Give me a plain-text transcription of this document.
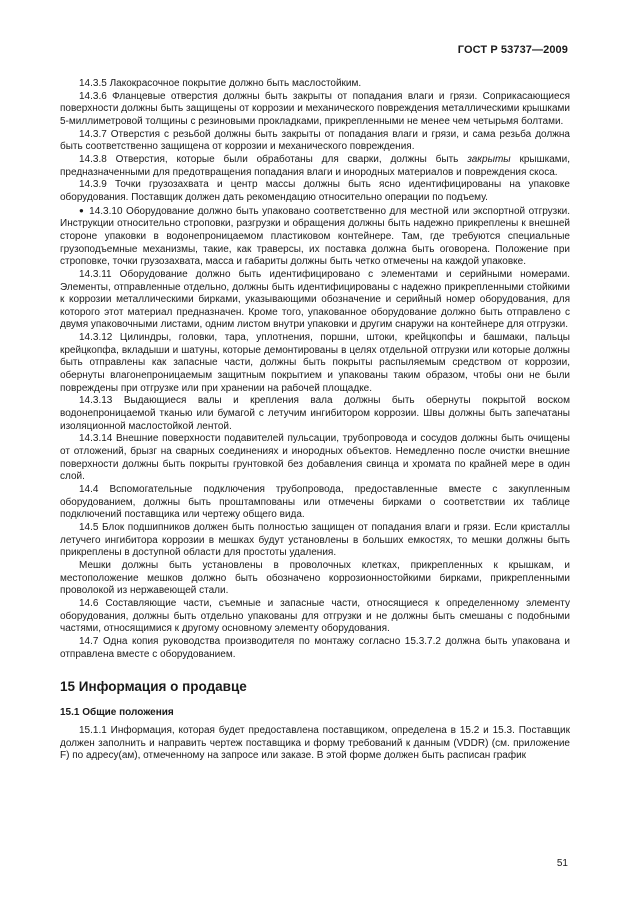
ГОСТ Р 53737—2009

14.3.5 Лакокрасочное покрытие должно быть маслостойким.

14.3.6 Фланцевые отверстия должны быть закрыты от попадания влаги и грязи. Соприкасающиеся поверхности должны быть защищены от коррозии и механического повреждения металлическими крышками 5-миллиметровой толщины с резиновыми прокладками, прикрепленными не менее чем четырьмя болтами.

14.3.7 Отверстия с резьбой должны быть закрыты от попадания влаги и грязи, и сама резьба должна быть соответственно защищена от коррозии и механического повреждения.

14.3.8 Отверстия, которые были обработаны для сварки, должны быть закрыты крышками, предназначенными для предотвращения попадания влаги и инородных материалов и повреждения скоса.

14.3.9 Точки грузозахвата и центр массы должны быть ясно идентифицированы на упаковке оборудования. Поставщик должен дать рекомендацию относительно операции по подъему.

● 14.3.10 Оборудование должно быть упаковано соответственно для местной или экспортной отгрузки. Инструкции относительно строповки, разгрузки и обращения должны быть надежно прикреплены к внешней стороне упаковки в водонепроницаемом пластиковом контейнере. Там, где требуются специальные грузоподъемные механизмы, такие, как траверсы, их поставка должна быть оговорена. Положение при строповке, точки грузозахвата, масса и габариты должны быть четко отмечены на каждой упаковке.

14.3.11 Оборудование должно быть идентифицировано с элементами и серийными номерами. Элементы, отправленные отдельно, должны быть идентифицированы с надежно прикрепленными стойкими к коррозии металлическими бирками, указывающими обозначение и серийный номер оборудования, для которого этот материал предназначен. Кроме того, упакованное оборудование должно быть отправлено с двумя упаковочными листами, одним листом внутри упаковки и другим снаружи на контейнере для отгрузки.

14.3.12 Цилиндры, головки, тара, уплотнения, поршни, штоки, крейцкопфы и башмаки, пальцы крейцкопфа, вкладыши и шатуны, которые демонтированы в целях отдельной отгрузки или которые должны быть отправлены как запасные части, должны быть покрыты распыляемым средством от коррозии, обернуты влагонепроницаемым защитным покрытием и упакованы таким образом, чтобы они не были повреждены при отгрузке или при хранении на рабочей площадке.

14.3.13 Выдающиеся валы и крепления вала должны быть обернуты покрытой воском водонепроницаемой тканью или бумагой с летучим ингибитором коррозии. Швы должны быть запечатаны изоляционной маслостойкой лентой.

14.3.14 Внешние поверхности подавителей пульсации, трубопровода и сосудов должны быть очищены от отложений, брызг на сварных соединениях и инородных объектов. Немедленно после очистки внешние поверхности должны быть покрыты грунтовкой без добавления свинца и хромата по крайней мере в один слой.

14.4 Вспомогательные подключения трубопровода, предоставленные вместе с закупленным оборудованием, должны быть проштампованы или отмечены бирками о соответствии их таблице подключений поставщика или чертежу общего вида.

14.5 Блок подшипников должен быть полностью защищен от попадания влаги и грязи. Если кристаллы летучего ингибитора коррозии в мешках будут установлены в больших емкостях, то мешки должны быть прикреплены в доступной области для простоты удаления.

Мешки должны быть установлены в проволочных клетках, прикрепленных к крышкам, и местоположение мешков должно быть обозначено коррозионностойкими бирками, прикрепленными проволокой из нержавеющей стали.

14.6 Составляющие части, съемные и запасные части, относящиеся к определенному элементу оборудования, должны быть отдельно упакованы для отгрузки и не должны быть смешаны с подобными частями, относящимися к другому основному элементу оборудования.

14.7 Одна копия руководства производителя по монтажу согласно 15.3.7.2 должна быть упакована и отправлена вместе с оборудованием.

15 Информация о продавце
15.1 Общие положения

15.1.1 Информация, которая будет предоставлена поставщиком, определена в 15.2 и 15.3. Поставщик должен заполнить и направить чертеж поставщика и форму требований к данным (VDDR) (см. приложение F) по адресу(ам), отмеченному на запросе или заказе. В этой форме должен быть расписан график

51
